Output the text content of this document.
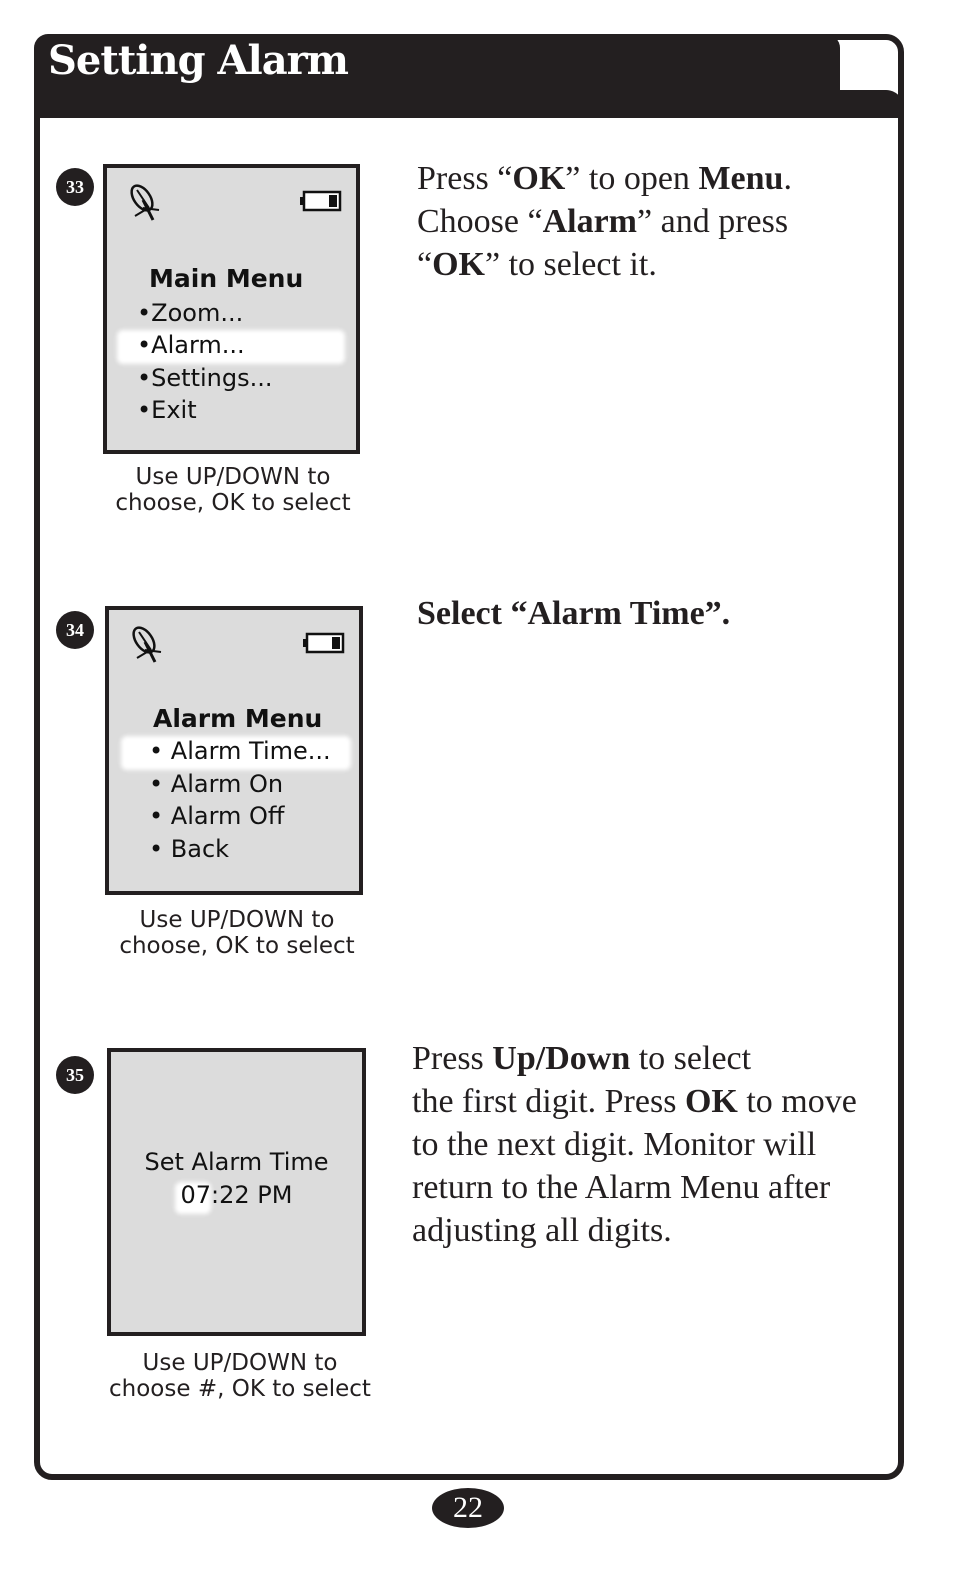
Setting Alarm
33
Main Menu
•Zoom...
•Alarm...
•Settings...
•Exit
Use UP/DOWN to
choose, OK to select
Press “OK” to open Menu.
Choose “Alarm” and press
“OK” to select it.
34
Alarm Menu
• Alarm Time...
• Alarm On
• Alarm Off
• Back
Use UP/DOWN to
choose, OK to select
Select “Alarm Time”.
35
Set Alarm Time
07:22 PM
Use UP/DOWN to
choose #, OK to select
Press Up/Down to select
the first digit. Press OK to move
to the next digit. Monitor will
return to the Alarm Menu after
adjusting all digits.
22
